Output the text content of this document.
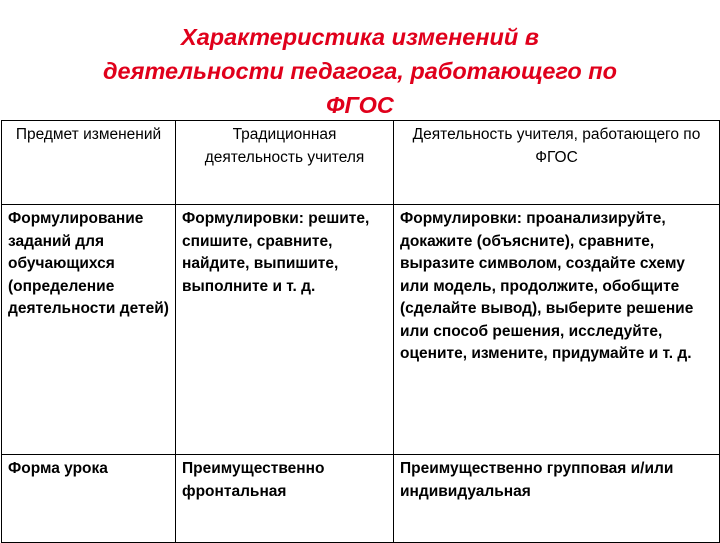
Характеристика изменений в
деятельности педагога, работающего по
ФГОС
Предмет изменений	Традиционная деятельность учителя	Деятельность учителя, работающего по ФГОС
Формулирование заданий для обучающихся (определение деятельности детей)	Формулировки: решите, спишите, сравните, найдите, выпишите, выполните и т. д.	Формулировки: проанализируйте, докажите (объясните), сравните, выразите символом, создайте схему или модель, продолжите, обобщите (сделайте вывод), выберите решение или способ решения, исследуйте, оцените, измените, придумайте и т. д.
Форма урока	Преимущественно фронтальная	Преимущественно групповая и/или индивидуальная
